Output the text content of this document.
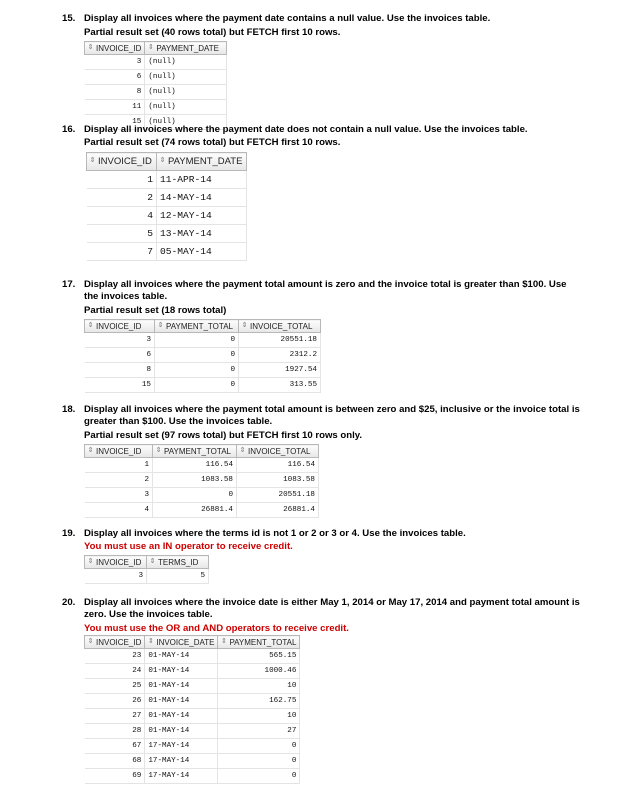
15. Display all invoices where the payment date contains a null value. Use the invoices table.
Partial result set (40 rows total) but FETCH first 10 rows.
⇕ INVOICE_ID	⇕ PAYMENT_DATE
3	(null)
6	(null)
8	(null)
11	(null)
15	(null)
16. Display all invoices where the payment date does not contain a null value. Use the invoices table.
Partial result set (74 rows total) but FETCH first 10 rows.
⇕ INVOICE_ID	⇕ PAYMENT_DATE
1	11-APR-14
2	14-MAY-14
4	12-MAY-14
5	13-MAY-14
7	05-MAY-14
17. Display all invoices where the payment total amount is zero and the invoice total is greater than $100. Use the invoices table.
Partial result set (18 rows total)
⇕ INVOICE_ID	⇕ PAYMENT_TOTAL	⇕ INVOICE_TOTAL
3	0	20551.18
6	0	2312.2
8	0	1927.54
15	0	313.55
18. Display all invoices where the payment total amount is between zero and $25, inclusive or the invoice total is greater than $100. Use the invoices table.
Partial result set (97 rows total) but FETCH first 10 rows only.
⇕ INVOICE_ID	⇕ PAYMENT_TOTAL	⇕ INVOICE_TOTAL
1	116.54	116.54
2	1083.58	1083.58
3	0	20551.18
4	26881.4	26881.4
19. Display all invoices where the terms id is not 1 or 2 or 3 or 4. Use the invoices table.
You must use an IN operator to receive credit.
⇕ INVOICE_ID	⇕ TERMS_ID
3	5
20. Display all invoices where the invoice date is either May 1, 2014 or May 17, 2014 and payment total amount is zero. Use the invoices table.
You must use the OR and AND operators to receive credit.
⇕ INVOICE_ID	⇕ INVOICE_DATE	⇕ PAYMENT_TOTAL
23	01-MAY-14	565.15
24	01-MAY-14	1000.46
25	01-MAY-14	10
26	01-MAY-14	162.75
27	01-MAY-14	10
28	01-MAY-14	27
67	17-MAY-14	0
68	17-MAY-14	0
69	17-MAY-14	0
